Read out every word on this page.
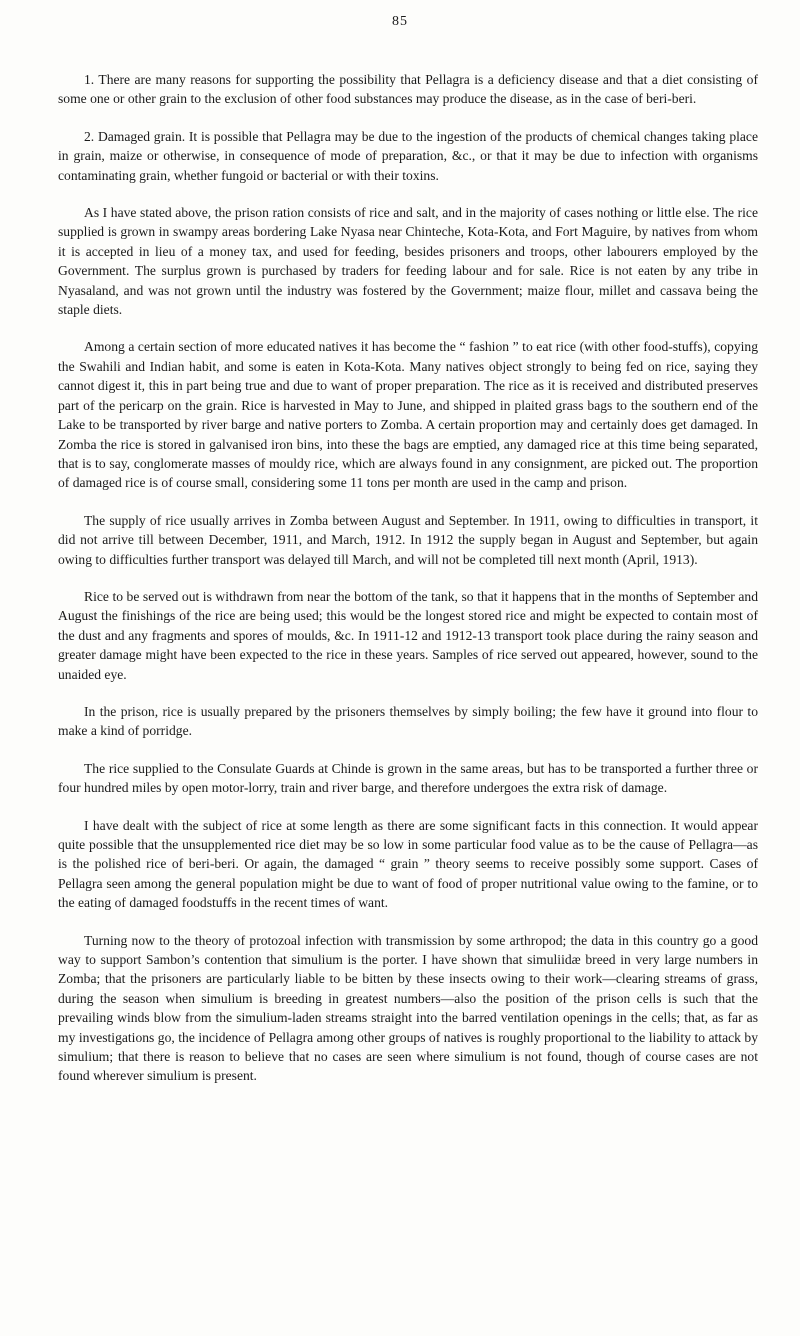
85

1. There are many reasons for supporting the possibility that Pellagra is a deficiency disease and that a diet consisting of some one or other grain to the exclusion of other food substances may produce the disease, as in the case of beri-beri.

2. Damaged grain. It is possible that Pellagra may be due to the ingestion of the products of chemical changes taking place in grain, maize or otherwise, in consequence of mode of preparation, &c., or that it may be due to infection with organisms contaminating grain, whether fungoid or bacterial or with their toxins.

As I have stated above, the prison ration consists of rice and salt, and in the majority of cases nothing or little else. The rice supplied is grown in swampy areas bordering Lake Nyasa near Chinteche, Kota-Kota, and Fort Maguire, by natives from whom it is accepted in lieu of a money tax, and used for feeding, besides prisoners and troops, other labourers employed by the Government. The surplus grown is purchased by traders for feeding labour and for sale. Rice is not eaten by any tribe in Nyasaland, and was not grown until the industry was fostered by the Government; maize flour, millet and cassava being the staple diets.

Among a certain section of more educated natives it has become the “ fashion ” to eat rice (with other food-stuffs), copying the Swahili and Indian habit, and some is eaten in Kota-Kota. Many natives object strongly to being fed on rice, saying they cannot digest it, this in part being true and due to want of proper preparation. The rice as it is received and distributed preserves part of the pericarp on the grain. Rice is harvested in May to June, and shipped in plaited grass bags to the southern end of the Lake to be transported by river barge and native porters to Zomba. A certain proportion may and certainly does get damaged. In Zomba the rice is stored in galvanised iron bins, into these the bags are emptied, any damaged rice at this time being separated, that is to say, conglomerate masses of mouldy rice, which are always found in any consignment, are picked out. The proportion of damaged rice is of course small, considering some 11 tons per month are used in the camp and prison.

The supply of rice usually arrives in Zomba between August and September. In 1911, owing to difficulties in transport, it did not arrive till between December, 1911, and March, 1912. In 1912 the supply began in August and September, but again owing to difficulties further transport was delayed till March, and will not be completed till next month (April, 1913).

Rice to be served out is withdrawn from near the bottom of the tank, so that it happens that in the months of September and August the finishings of the rice are being used; this would be the longest stored rice and might be expected to contain most of the dust and any fragments and spores of moulds, &c. In 1911-12 and 1912-13 transport took place during the rainy season and greater damage might have been expected to the rice in these years. Samples of rice served out appeared, however, sound to the unaided eye.

In the prison, rice is usually prepared by the prisoners themselves by simply boiling; the few have it ground into flour to make a kind of porridge.

The rice supplied to the Consulate Guards at Chinde is grown in the same areas, but has to be transported a further three or four hundred miles by open motor-lorry, train and river barge, and therefore undergoes the extra risk of damage.

I have dealt with the subject of rice at some length as there are some significant facts in this connection. It would appear quite possible that the unsupplemented rice diet may be so low in some particular food value as to be the cause of Pellagra—as is the polished rice of beri-beri. Or again, the damaged “ grain ” theory seems to receive possibly some support. Cases of Pellagra seen among the general population might be due to want of food of proper nutritional value owing to the famine, or to the eating of damaged foodstuffs in the recent times of want.

Turning now to the theory of protozoal infection with transmission by some arthropod; the data in this country go a good way to support Sambon’s contention that simulium is the porter. I have shown that simuliidæ breed in very large numbers in Zomba; that the prisoners are particularly liable to be bitten by these insects owing to their work—clearing streams of grass, during the season when simulium is breeding in greatest numbers—also the position of the prison cells is such that the prevailing winds blow from the simulium-laden streams straight into the barred ventilation openings in the cells; that, as far as my investigations go, the incidence of Pellagra among other groups of natives is roughly proportional to the liability to attack by simulium; that there is reason to believe that no cases are seen where simulium is not found, though of course cases are not found wherever simulium is present.
